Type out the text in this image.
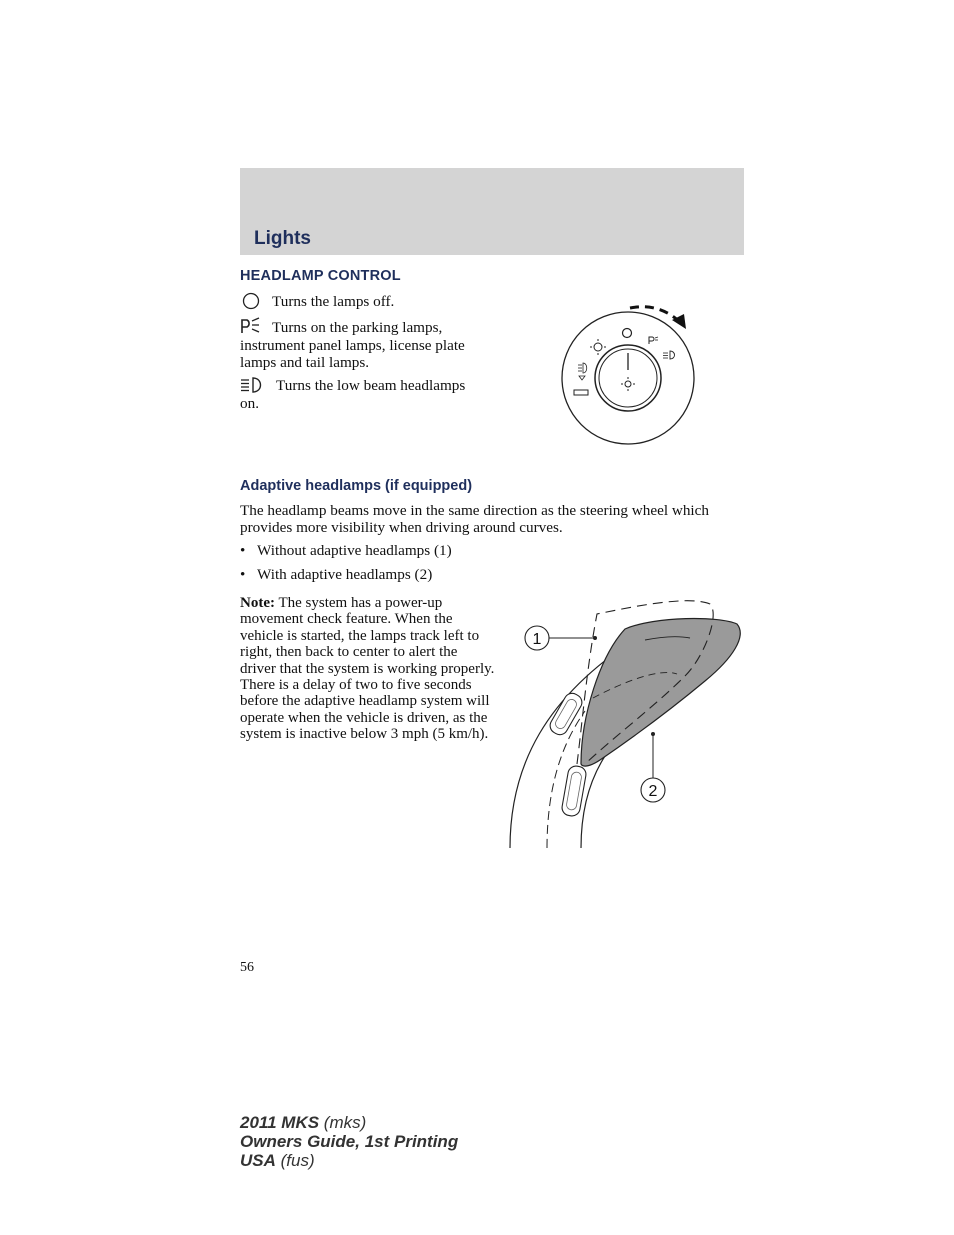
Lights
HEADLAMP CONTROL
Turns the lamps off.
Turns on the parking lamps,
instrument panel lamps, license plate lamps and tail lamps.
Turns the low beam headlamps
on.
Adaptive headlamps (if equipped)
The headlamp beams move in the same direction as the steering wheel which provides more visibility when driving around curves.
• Without adaptive headlamps (1)
• With adaptive headlamps (2)
Note: The system has a power-up movement check feature. When the vehicle is started, the lamps track left to right, then back to center to alert the driver that the system is working properly. There is a delay of two to five seconds before the adaptive headlamp system will operate when the vehicle is driven, as the system is inactive below 3 mph (5 km/h).
1
2
56
2011 MKS (mks)
Owners Guide, 1st Printing
USA (fus)
